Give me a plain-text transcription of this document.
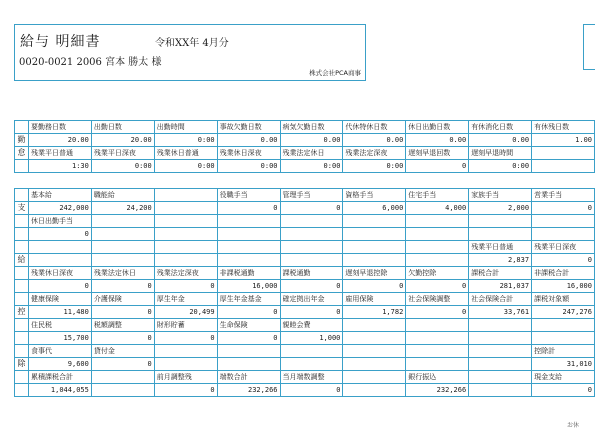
給与 明細書	令和XX年 4月分
0020-0021 2006 宮本 勝太 様
株式会社PCA商事
	要勤務日数	出勤日数	出勤時間	事故欠勤日数	病気欠勤日数	代休特休日数	休日出勤日数	有休消化日数	有休残日数
勤	20.00	20.00	0:00	0.00	0.00	0.00	0.00	0.00	1.00
怠	残業平日普通	残業平日深夜	残業休日普通	残業休日深夜	残業法定休日	残業法定深夜	遅刻早退回数	遅刻早退時間	
	1:30	0:00	0:00	0:00	0:00	0:00	0	0:00	
	基本給	職能給		役職手当	管理手当	資格手当	住宅手当	家族手当	営業手当
支	242,000	24,200		0	0	6,000	4,000	2,000	0
	休日出勤手当								
	0								
								残業平日普通	残業平日深夜
給								2,837	0
	残業休日深夜	残業法定休日	残業法定深夜	非課税通勤	課税通勤	遅刻早退控除	欠勤控除	課税合計	非課税合計
	0	0	0	16,000	0	0	0	281,037	16,000
	健康保険	介護保険	厚生年金	厚生年金基金	確定拠出年金	雇用保険	社会保険調整	社会保険合計	課税対象額
控	11,480	0	20,499	0	0	1,782	0	33,761	247,276
	住民税	税額調整	財形貯蓄	生命保険	親睦会費				
	15,700	0	0	0	1,000				
	食事代	貸付金							控除計
除	9,600	0							31,010
	累積課税合計		前月調整残	端数合計	当月端数調整		銀行振込		現金支給
	1,044,055		0	232,266	0		232,266		0
お休
